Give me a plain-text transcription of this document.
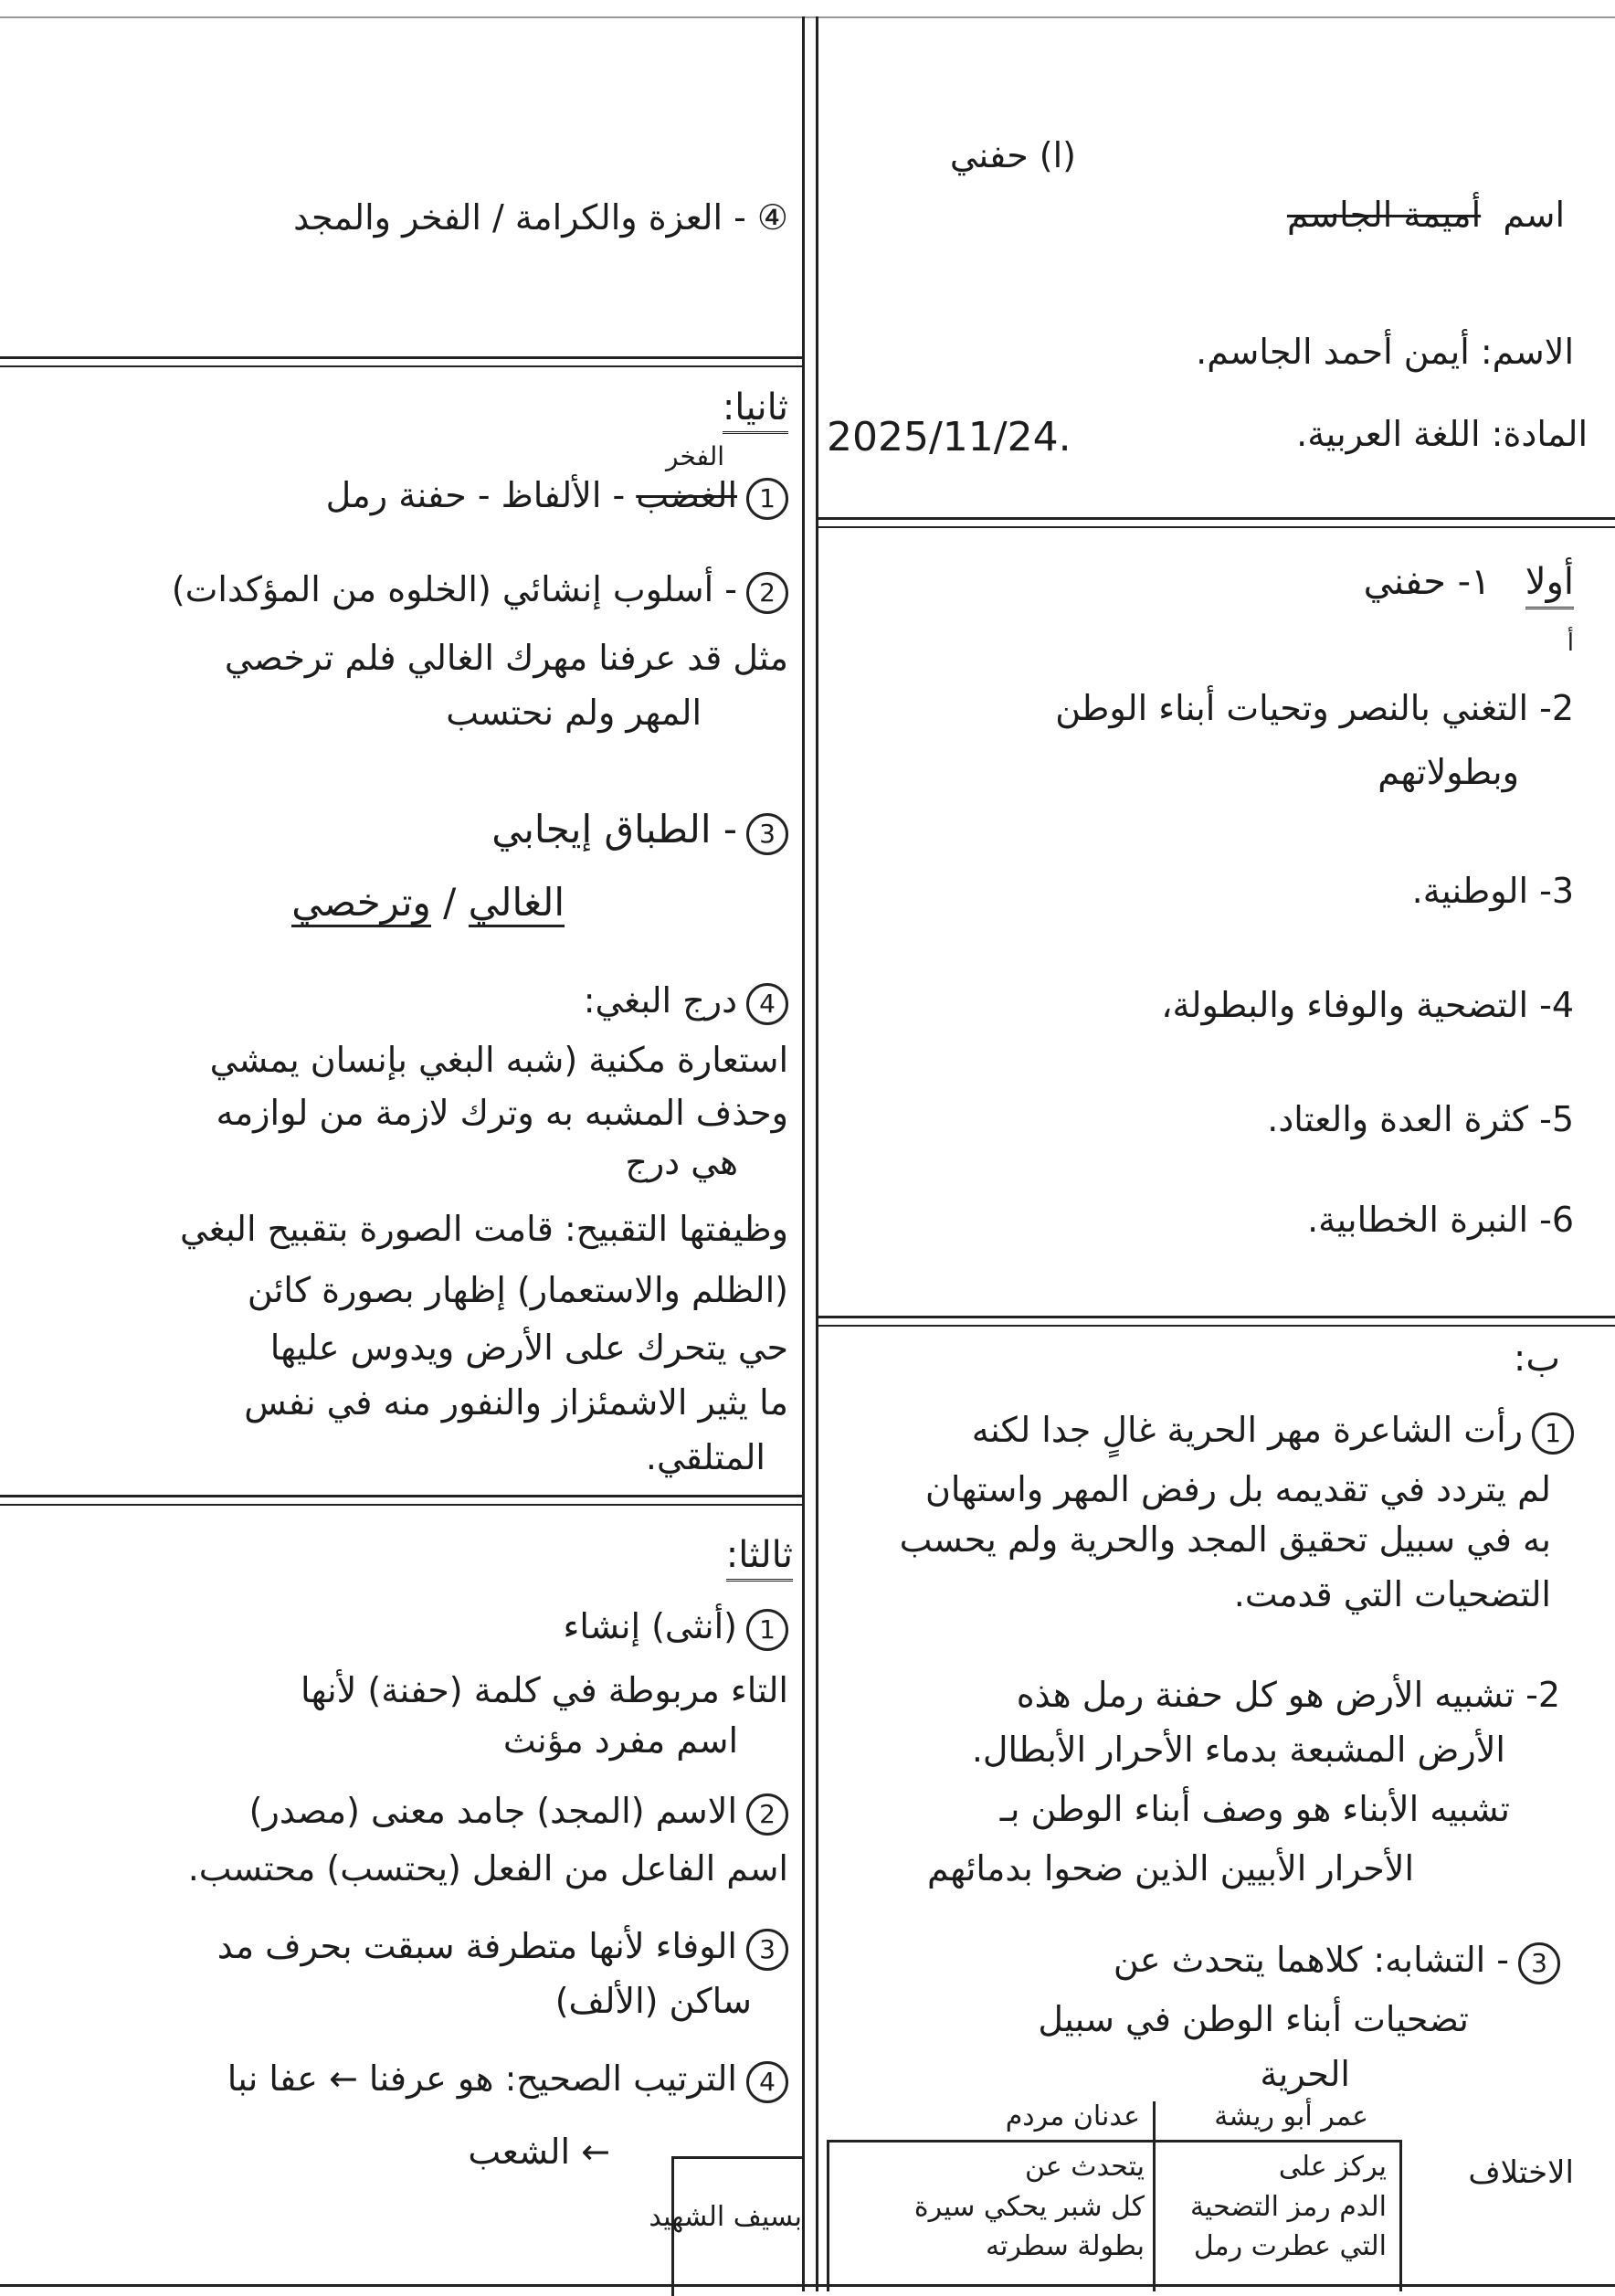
④ - العزة والكرامة / الفخر والمجد
ثانيا:
الفخر
1الغضب - الألفاظ - حفنة رمل
2- أسلوب إنشائي (الخلوه من المؤكدات)
مثل قد عرفنا مهرك الغالي فلم ترخصي
المهر ولم نحتسب
3- الطباق إيجابي
الغالي / وترخصي
4درج البغي:
استعارة مكنية (شبه البغي بإنسان يمشي
وحذف المشبه به وترك لازمة من لوازمه
هي درج
وظيفتها التقبيح: قامت الصورة بتقبيح البغي
(الظلم والاستعمار) إظهار بصورة كائن
حي يتحرك على الأرض ويدوس عليها
ما يثير الاشمئزاز والنفور منه في نفس
المتلقي.
ثالثا:
1(أنثى) إنشاء
التاء مربوطة في كلمة (حفنة) لأنها
اسم مفرد مؤنث
2الاسم (المجد) جامد معنى (مصدر)
اسم الفاعل من الفعل (يحتسب) محتسب.
3الوفاء لأنها متطرفة سبقت بحرف مد
ساكن (الألف)
4الترتيب الصحيح: هو عرفنا ← عفا نبا
← الشعب
بسيف الشهيد
(ا) حفني
اسم  أميمة الجاسم
الاسم: أيمن أحمد الجاسم.
المادة: اللغة العربية.
2025/11/24.
أولا   ١- حفني
أ
2- التغني بالنصر وتحيات أبناء الوطن
وبطولاتهم
3- الوطنية.
4- التضحية والوفاء والبطولة،
5- كثرة العدة والعتاد.
6- النبرة الخطابية.
ب:
1رأت الشاعرة مهر الحرية غالٍ جدا لكنه
لم يتردد في تقديمه بل رفض المهر واستهان
به في سبيل تحقيق المجد والحرية ولم يحسب
التضحيات التي قدمت.
2- تشبيه الأرض هو كل حفنة رمل هذه
الأرض المشبعة بدماء الأحرار الأبطال.
تشبيه الأبناء هو وصف أبناء الوطن بـ
الأحرار الأبيين الذين ضحوا بدمائهم
3- التشابه: كلاهما يتحدث عن
تضحيات أبناء الوطن في سبيل
الحرية
الاختلاف
عمر أبو ريشة
عدنان مردم
يركز على
الدم رمز التضحية
التي عطرت رمل
يتحدث عن
كل شبر يحكي سيرة
بطولة سطرته
